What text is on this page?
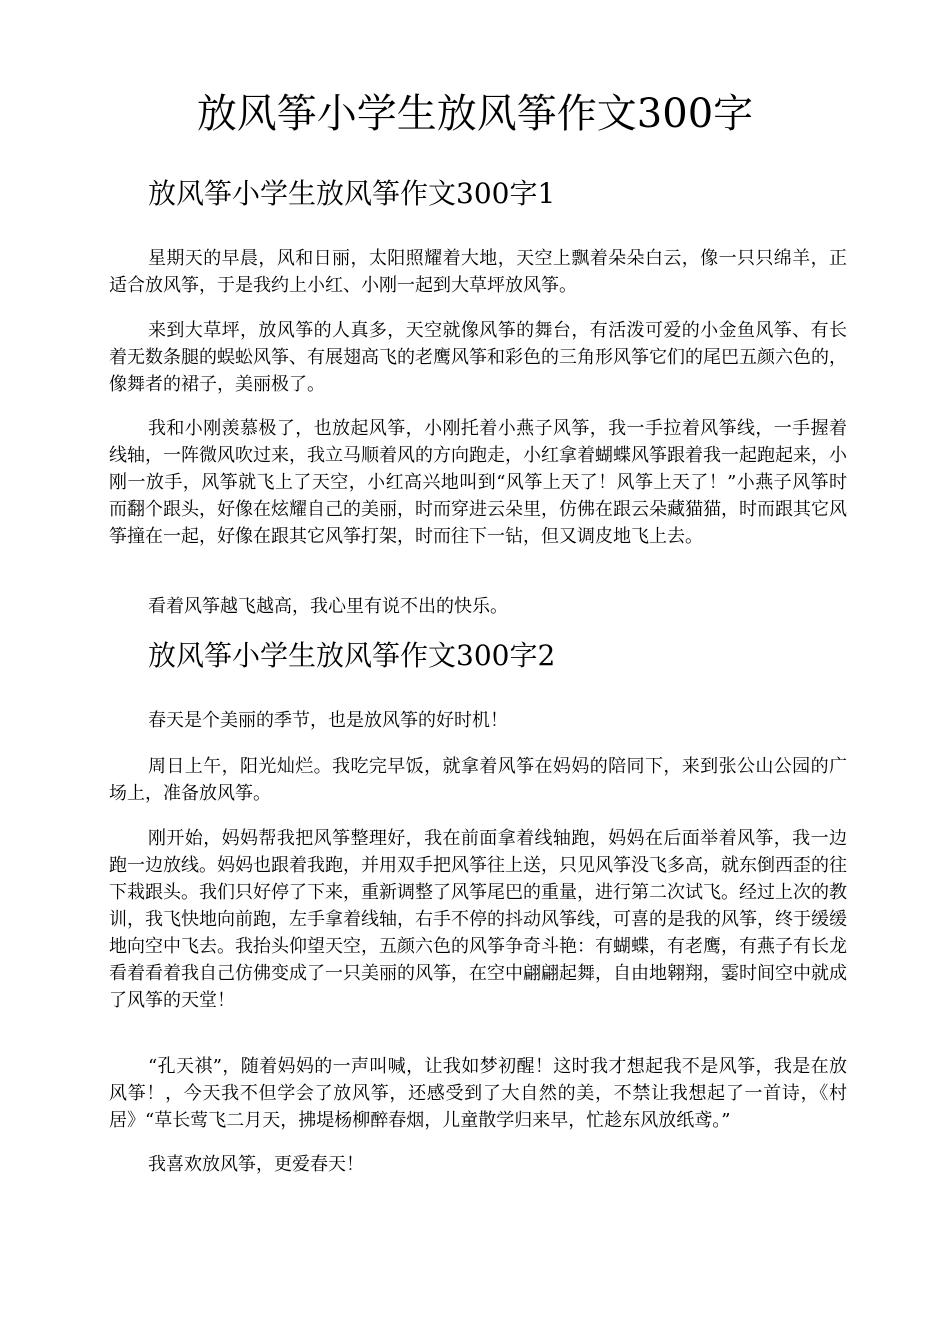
放风筝小学生放风筝作文300字
放风筝小学生放风筝作文300字1

星期天的早晨，风和日丽，太阳照耀着大地，天空上飘着朵朵白云，像一只只绵羊，正适合放风筝，于是我约上小红、小刚一起到大草坪放风筝。

来到大草坪，放风筝的人真多，天空就像风筝的舞台，有活泼可爱的小金鱼风筝、有长着无数条腿的蜈蚣风筝、有展翅高飞的老鹰风筝和彩色的三角形风筝它们的尾巴五颜六色的，像舞者的裙子，美丽极了。

我和小刚羡慕极了，也放起风筝，小刚托着小燕子风筝，我一手拉着风筝线，一手握着线轴，一阵微风吹过来，我立马顺着风的方向跑走，小红拿着蝴蝶风筝跟着我一起跑起来，小刚一放手，风筝就飞上了天空，小红高兴地叫到“风筝上天了！风筝上天了！”小燕子风筝时而翻个跟头，好像在炫耀自己的美丽，时而穿进云朵里，仿佛在跟云朵藏猫猫，时而跟其它风筝撞在一起，好像在跟其它风筝打架，时而往下一钻，但又调皮地飞上去。

看着风筝越飞越高，我心里有说不出的快乐。

放风筝小学生放风筝作文300字2

春天是个美丽的季节，也是放风筝的好时机！

周日上午，阳光灿烂。我吃完早饭，就拿着风筝在妈妈的陪同下，来到张公山公园的广场上，准备放风筝。

刚开始，妈妈帮我把风筝整理好，我在前面拿着线轴跑，妈妈在后面举着风筝，我一边跑一边放线。妈妈也跟着我跑，并用双手把风筝往上送，只见风筝没飞多高，就东倒西歪的往下栽跟头。我们只好停了下来，重新调整了风筝尾巴的重量，进行第二次试飞。经过上次的教训，我飞快地向前跑，左手拿着线轴，右手不停的抖动风筝线，可喜的是我的风筝，终于缓缓地向空中飞去。我抬头仰望天空，五颜六色的风筝争奇斗艳：有蝴蝶，有老鹰，有燕子有长龙看着看着我自己仿佛变成了一只美丽的风筝，在空中翩翩起舞，自由地翱翔，霎时间空中就成了风筝的天堂！

“孔天祺”，随着妈妈的一声叫喊，让我如梦初醒！这时我才想起我不是风筝，我是在放风筝！，今天我不但学会了放风筝，还感受到了大自然的美，不禁让我想起了一首诗，《村居》“草长莺飞二月天，拂堤杨柳醉春烟，儿童散学归来早，忙趁东风放纸鸢。”

我喜欢放风筝，更爱春天！
